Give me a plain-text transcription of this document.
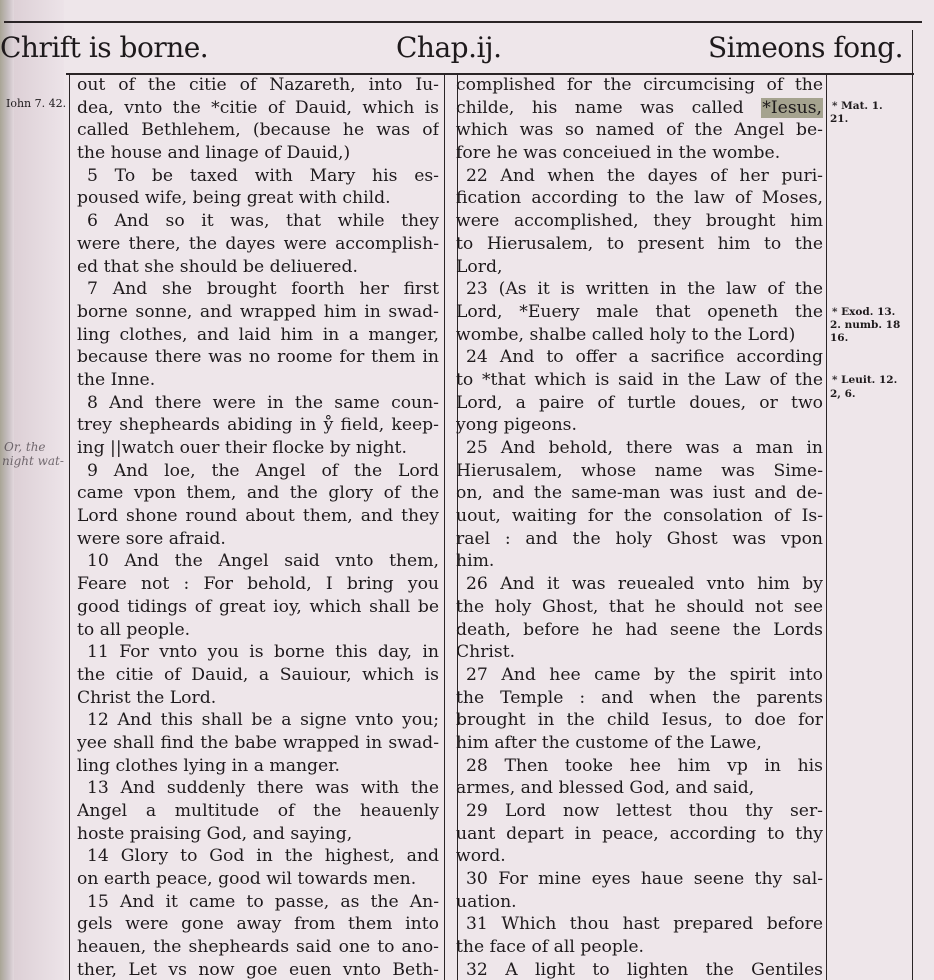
Chrift is borne.	Chap.ij.	Simeons fong.
Iohn 7. 42.
Or, the
night wat-
out of the citie of Nazareth, into Iu-
dea, vnto the *citie of Dauid, which is
called Bethlehem, (because he was of
the house and linage of Dauid,)
5 To be taxed with Mary his es-
poused wife, being great with child.
6 And so it was, that while they
were there, the dayes were accomplish-
ed that she should be deliuered.
7 And she brought foorth her first
borne sonne, and wrapped him in swad-
ling clothes, and laid him in a manger,
because there was no roome for them in
the Inne.
8 And there were in the same coun-
trey shepheards abiding in ẙ field, keep-
ing ||watch ouer their flocke by night.
9 And loe, the Angel of the Lord
came vpon them, and the glory of the
Lord shone round about them, and they
were sore afraid.
10 And the Angel said vnto them,
Feare not : For behold, I bring you
good tidings of great ioy, which shall be
to all people.
11 For vnto you is borne this day, in
the citie of Dauid, a Sauiour, which is
Christ the Lord.
12 And this shall be a signe vnto you;
yee shall find the babe wrapped in swad-
ling clothes lying in a manger.
13 And suddenly there was with the
Angel a multitude of the heauenly
hoste praising God, and saying,
14 Glory to God in the highest, and
on earth peace, good wil towards men.
15 And it came to passe, as the An-
gels were gone away from them into
heauen, the shepheards said one to ano-
ther, Let vs now goe euen vnto Beth-
complished for the circumcising of the
childe, his name was called *Iesus,
which was so named of the Angel be-
fore he was conceiued in the wombe.
22 And when the dayes of her puri-
fication according to the law of Moses,
were accomplished, they brought him
to Hierusalem, to present him to the
Lord,
23 (As it is written in the law of the
Lord, *Euery male that openeth the
wombe, shalbe called holy to the Lord)
24 And to offer a sacrifice according
to *that which is said in the Law of the
Lord, a paire of turtle doues, or two
yong pigeons.
25 And behold, there was a man in
Hierusalem, whose name was Sime-
on, and the same-man was iust and de-
uout, waiting for the consolation of Is-
rael : and the holy Ghost was vpon
him.
26 And it was reuealed vnto him by
the holy Ghost, that he should not see
death, before he had seene the Lords
Christ.
27 And hee came by the spirit into
the Temple : and when the parents
brought in the child Iesus, to doe for
him after the custome of the Lawe,
28 Then tooke hee him vp in his
armes, and blessed God, and said,
29 Lord now lettest thou thy ser-
uant depart in peace, according to thy
word.
30 For mine eyes haue seene thy sal-
uation.
31 Which thou hast prepared before
the face of all people.
32 A light to lighten the Gentiles
* Mat. 1.
21.
* Exod. 13.
2. numb. 18
16.
* Leuit. 12.
2, 6.
